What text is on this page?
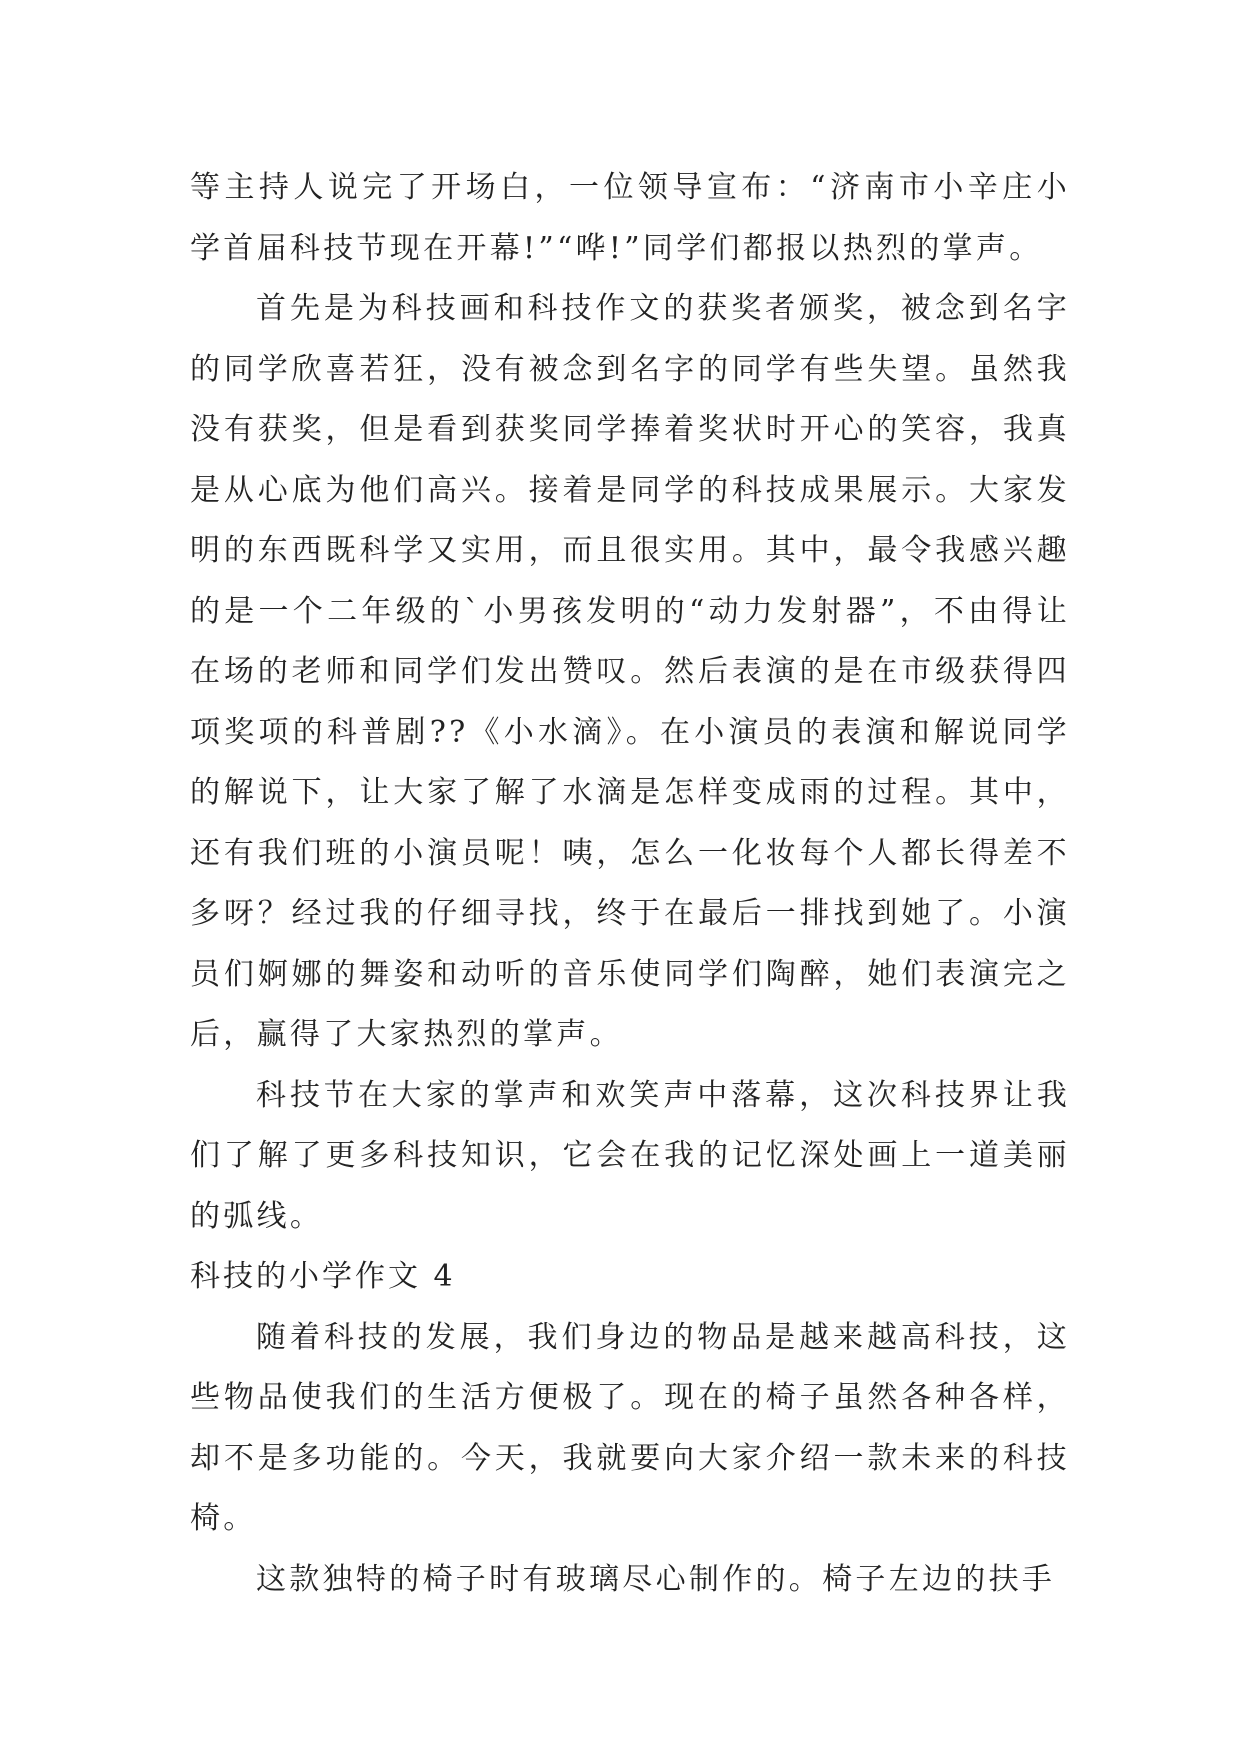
等主持人说完了开场白，一位领导宣布：“济南市小辛庄小学首届科技节现在开幕!”“哗!”同学们都报以热烈的掌声。

首先是为科技画和科技作文的获奖者颁奖，被念到名字的同学欣喜若狂，没有被念到名字的同学有些失望。虽然我没有获奖，但是看到获奖同学捧着奖状时开心的笑容，我真是从心底为他们高兴。接着是同学的科技成果展示。大家发明的东西既科学又实用，而且很实用。其中，最令我感兴趣的是一个二年级的`小男孩发明的“动力发射器”，不由得让在场的老师和同学们发出赞叹。然后表演的是在市级获得四项奖项的科普剧??《小水滴》。在小演员的表演和解说同学的解说下，让大家了解了水滴是怎样变成雨的过程。其中，还有我们班的小演员呢！咦，怎么一化妆每个人都长得差不多呀？经过我的仔细寻找，终于在最后一排找到她了。小演员们婀娜的舞姿和动听的音乐使同学们陶醉，她们表演完之后，赢得了大家热烈的掌声。

科技节在大家的掌声和欢笑声中落幕，这次科技界让我们了解了更多科技知识，它会在我的记忆深处画上一道美丽的弧线。

科技的小学作文 4

随着科技的发展，我们身边的物品是越来越高科技，这些物品使我们的生活方便极了。现在的椅子虽然各种各样，却不是多功能的。今天，我就要向大家介绍一款未来的科技椅。

这款独特的椅子时有玻璃尽心制作的。椅子左边的扶手
